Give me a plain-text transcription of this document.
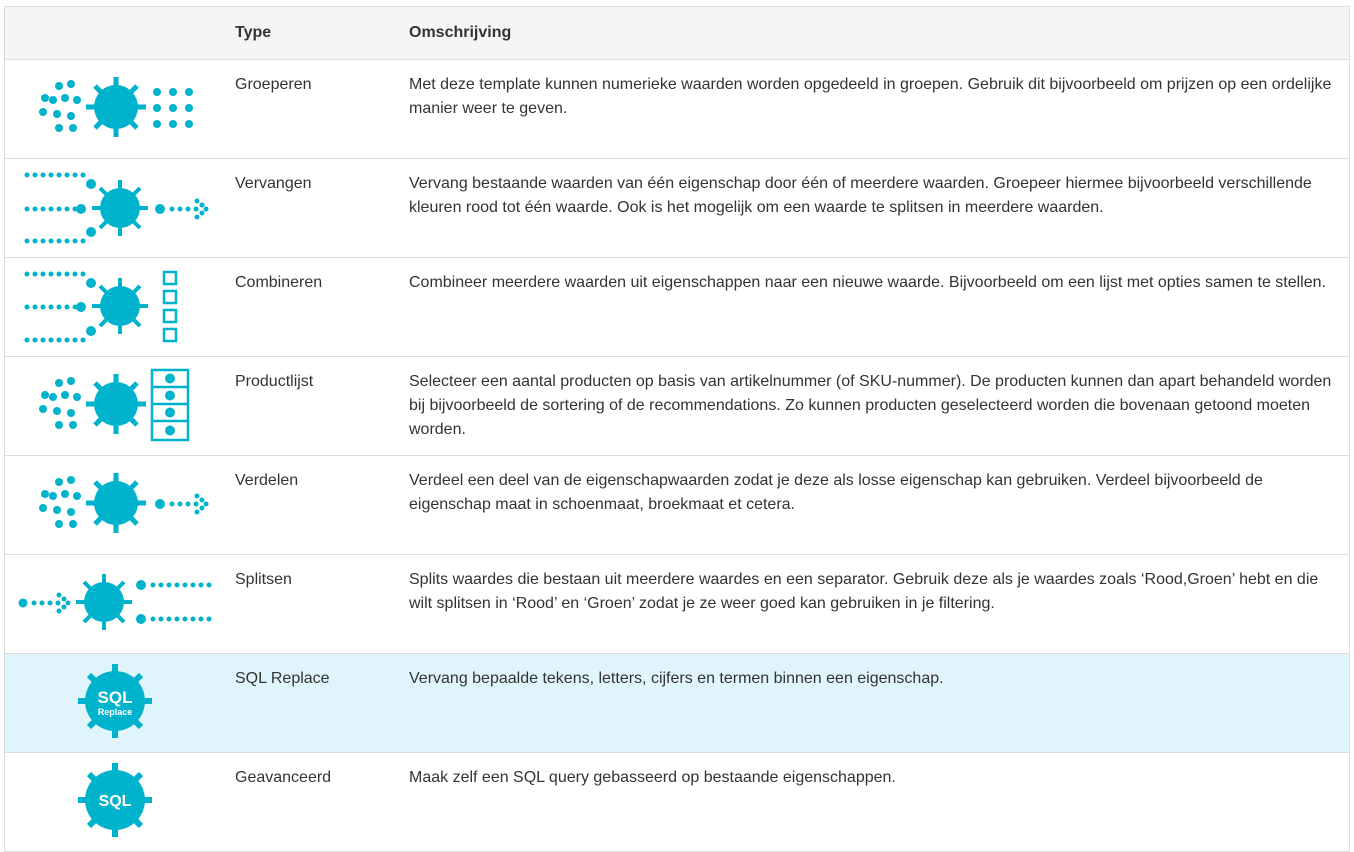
Type	Omschrijving
Groeperen	Met deze template kunnen numerieke waarden worden opgedeeld in groepen. Gebruik dit bijvoorbeeld om prijzen op een ordelijke manier weer te geven.
Vervangen	Vervang bestaande waarden van één eigenschap door één of meerdere waarden. Groepeer hiermee bijvoorbeeld verschillende kleuren rood tot één waarde. Ook is het mogelijk om een waarde te splitsen in meerdere waarden.
Combineren	Combineer meerdere waarden uit eigenschappen naar een nieuwe waarde. Bijvoorbeeld om een lijst met opties samen te stellen.
Productlijst	Selecteer een aantal producten op basis van artikelnummer (of SKU-nummer). De producten kunnen dan apart behandeld worden bij bijvoorbeeld de sortering of de recommendations. Zo kunnen producten geselecteerd worden die bovenaan getoond moeten worden.
Verdelen	Verdeel een deel van de eigenschapwaarden zodat je deze als losse eigenschap kan gebruiken. Verdeel bijvoorbeeld de eigenschap maat in schoenmaat, broekmaat et cetera.
Splitsen	Splits waardes die bestaan uit meerdere waardes en een separator. Gebruik deze als je waardes zoals ‘Rood,Groen’ hebt en die wilt splitsen in ‘Rood’ en ‘Groen’ zodat je ze weer goed kan gebruiken in je filtering.
SQL
Replace
SQL Replace	Vervang bepaalde tekens, letters, cijfers en termen binnen een eigenschap.
SQL
Geavanceerd	Maak zelf een SQL query gebasseerd op bestaande eigenschappen.
